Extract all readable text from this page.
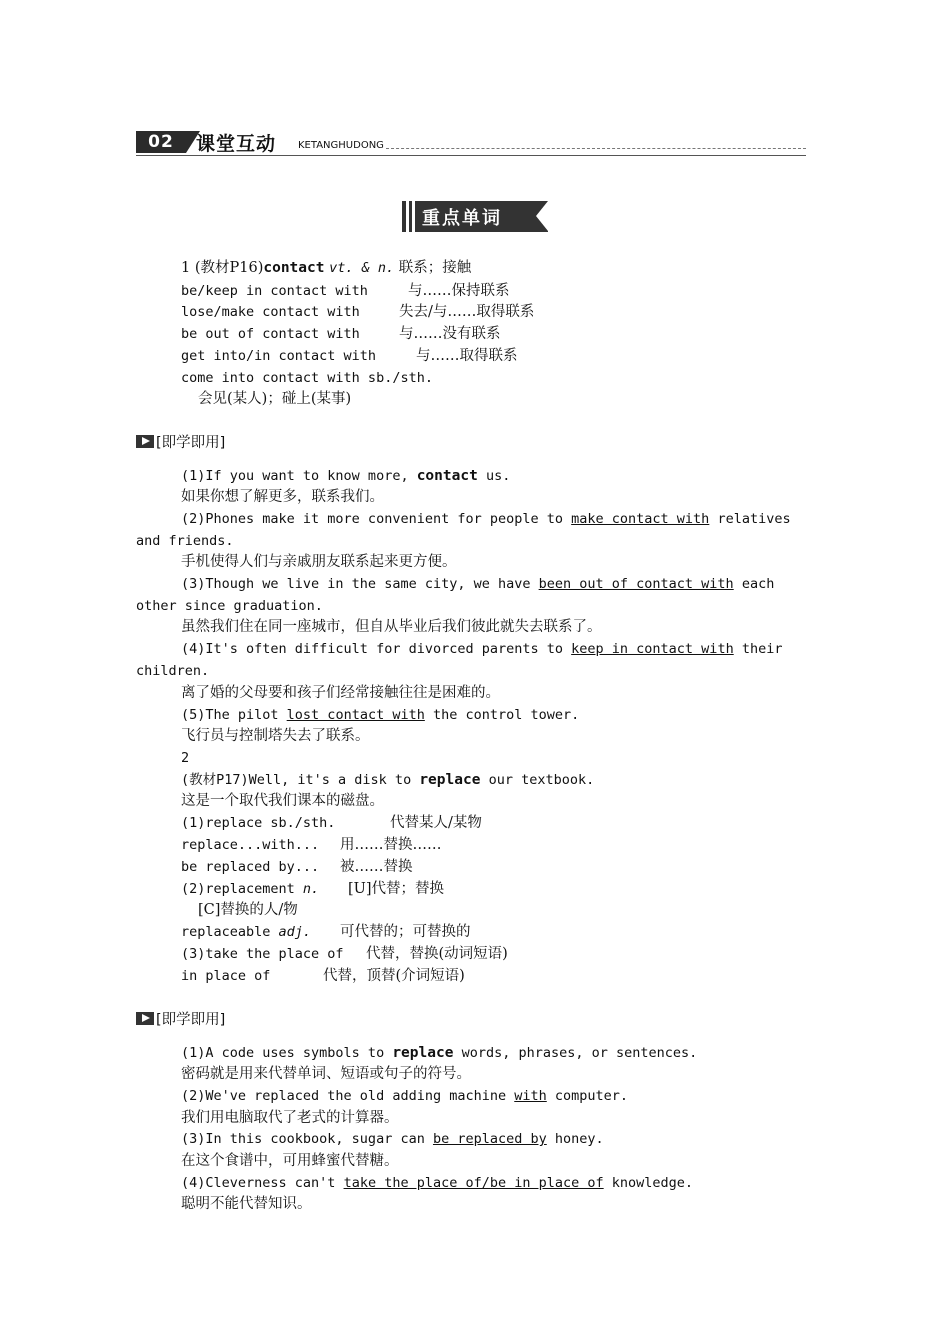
02	课堂互动 KETANGHUDONG
重点单词
1 (教材P16)contact vt. & n. 联系；接触
be/keep in contact with	与……保持联系
lose/make contact with	失去/与……取得联系
be out of contact with	与……没有联系
get into/in contact with	与……取得联系
come into contact with sb./sth.
会见(某人)；碰上(某事)
[即学即用]
(1)If you want to know more, contact us.
如果你想了解更多，联系我们。
(2)Phones make it more convenient for people to make contact with relatives
and friends.
手机使得人们与亲戚朋友联系起来更方便。
(3)Though we live in the same city, we have been out of contact with each
other since graduation.
虽然我们住在同一座城市，但自从毕业后我们彼此就失去联系了。
(4)It's often difficult for divorced parents to keep in contact with their
children.
离了婚的父母要和孩子们经常接触往往是困难的。
(5)The pilot lost contact with the control tower.
飞行员与控制塔失去了联系。
2
(教材P17)Well, it's a disk to replace our textbook.
这是一个取代我们课本的磁盘。
(1)replace sb./sth.	代替某人/某物
replace...with... 用……替换……
be replaced by... 被……替换
(2)replacement n. [U]代替；替换
[C]替换的人/物
replaceable adj. 可代替的；可替换的
(3)take the place of 代替，替换(动词短语)
in place of	代替，顶替(介词短语)
[即学即用]
(1)A code uses symbols to replace words, phrases, or sentences.
密码就是用来代替单词、短语或句子的符号。
(2)We've replaced the old adding machine with computer.
我们用电脑取代了老式的计算器。
(3)In this cookbook, sugar can be replaced by honey.
在这个食谱中，可用蜂蜜代替糖。
(4)Cleverness can't take the place of/be in place of knowledge.
聪明不能代替知识。
